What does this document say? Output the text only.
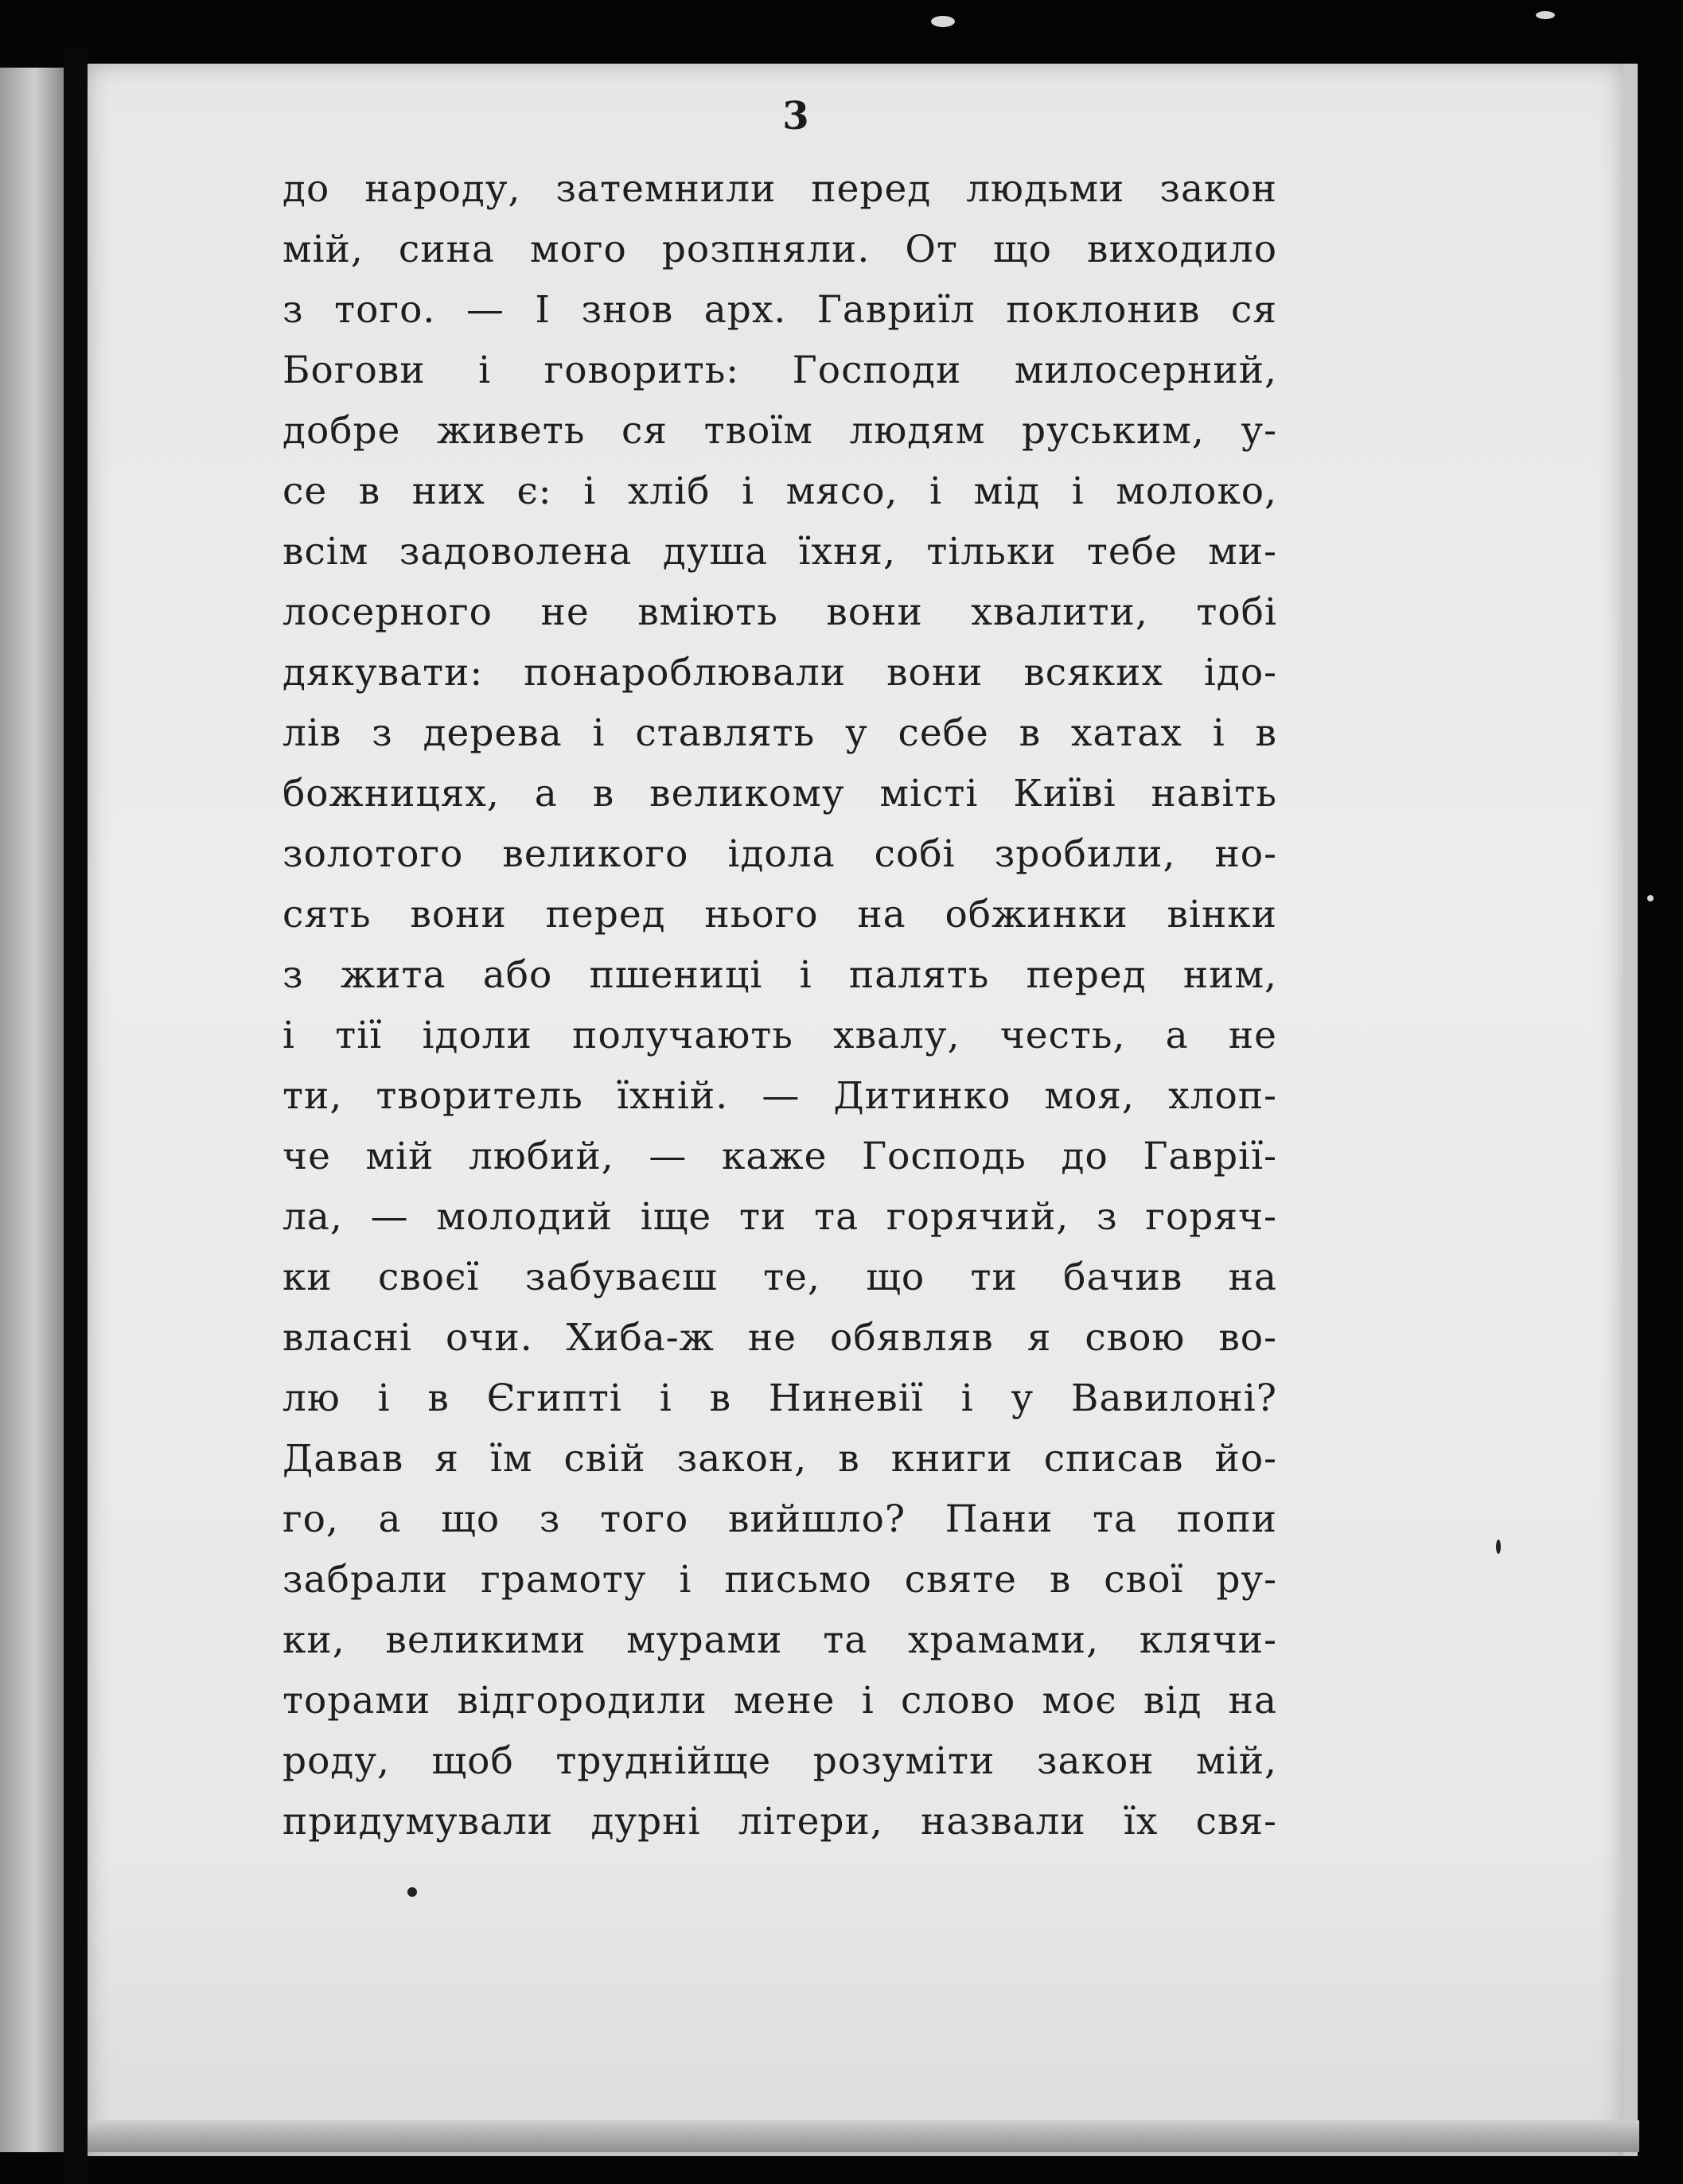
3
до народу, затемнили перед людьми закон
мій, сина мого розпняли. От що виходило
з того. — І знов арх. Гавриїл поклонив ся
Богови і говорить: Господи милосерний,
добре живеть ся твоїм людям руським, у-
се в них є: і хліб і мясо, і мід і молоко,
всім задоволена душа їхня, тільки тебе ми-
лосерного не вміють вони хвалити, тобі
дякувати: понароблювали вони всяких ідо-
лів з дерева і ставлять у себе в хатах і в
божницях, а в великому місті Київі навіть
золотого великого ідола собі зробили, но-
сять вони перед нього на обжинки вінки
з жита або пшениці і палять перед ним,
і тії ідоли получають хвалу, честь, а не
ти, творитель їхній. — Дитинко моя, хлоп-
че мій любий, — каже Господь до Гаврії-
ла, — молодий іще ти та горячий, з горяч-
ки своєї забуваєш те, що ти бачив на
власні очи. Хиба-ж не обявляв я свою во-
лю і в Єгипті і в Ниневії і у Вавилоні?
Давав я їм свій закон, в книги списав йо-
го, а що з того вийшло? Пани та попи
забрали грамоту і письмо святе в свої ру-
ки, великими мурами та храмами, клячи-
торами відгородили мене і слово моє від на
роду, щоб труднійще розуміти закон мій,
придумували дурні літери, назвали їх свя-
